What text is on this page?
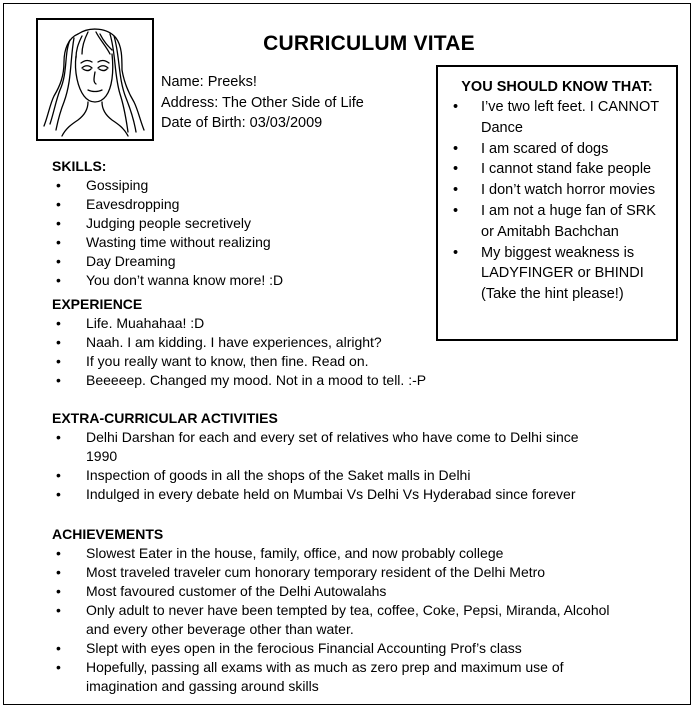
CURRICULUM VITAE
Name: Preeks!
Address: The Other Side of Life
Date of Birth: 03/03/2009
YOU SHOULD KNOW THAT:
• I’ve two left feet. I CANNOT Dance
• I am scared of dogs
• I cannot stand fake people
• I don’t watch horror movies
• I am not a huge fan of SRK or Amitabh Bachchan
• My biggest weakness is LADYFINGER or BHINDI (Take the hint please!)
SKILLS:
• Gossiping
• Eavesdropping
• Judging people secretively
• Wasting time without realizing
• Day Dreaming
• You don’t wanna know more! :D
EXPERIENCE
• Life. Muahahaa! :D
• Naah. I am kidding. I have experiences, alright?
• If you really want to know, then fine. Read on.
• Beeeeep. Changed my mood. Not in a mood to tell. :-P
EXTRA-CURRICULAR ACTIVITIES
• Delhi Darshan for each and every set of relatives who have come to Delhi since 1990
• Inspection of goods in all the shops of the Saket malls in Delhi
• Indulged in every debate held on Mumbai Vs Delhi Vs Hyderabad since forever
ACHIEVEMENTS
• Slowest Eater in the house, family, office, and now probably college
• Most traveled traveler cum honorary temporary resident of the Delhi Metro
• Most favoured customer of the Delhi Autowalahs
• Only adult to never have been tempted by tea, coffee, Coke, Pepsi, Miranda, Alcohol and every other beverage other than water.
• Slept with eyes open in the ferocious Financial Accounting Prof’s class
• Hopefully, passing all exams with as much as zero prep and maximum use of imagination and gassing around skills
